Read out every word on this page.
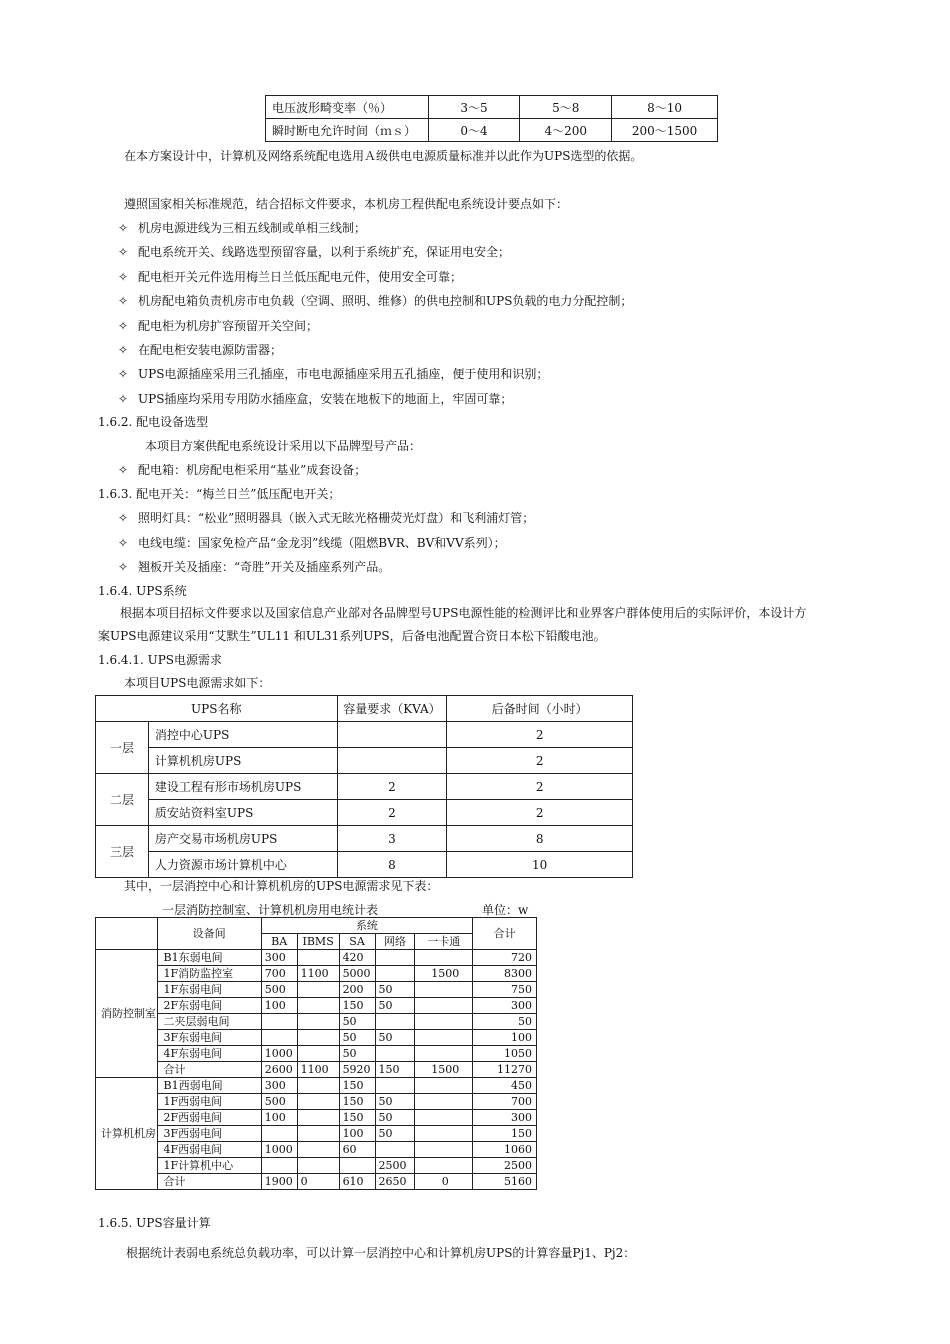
电压波形畸变率（％）	3～5	5～8	8～10
瞬时断电允许时间（ｍｓ）	0～4	4～200	200～1500
在本方案设计中，计算机及网络系统配电选用Ａ级供电电源质量标准并以此作为UPS选型的依据。
遵照国家相关标准规范，结合招标文件要求，本机房工程供配电系统设计要点如下：
✧ 机房电源进线为三相五线制或单相三线制；
✧ 配电系统开关、线路选型预留容量，以利于系统扩充，保证用电安全；
✧ 配电柜开关元件选用梅兰日兰低压配电元件，使用安全可靠；
✧ 机房配电箱负责机房市电负载（空调、照明、维修）的供电控制和UPS负载的电力分配控制；
✧ 配电柜为机房扩容预留开关空间；
✧ 在配电柜安装电源防雷器；
✧ UPS电源插座采用三孔插座，市电电源插座采用五孔插座，便于使用和识别；
✧ UPS插座均采用专用防水插座盒，安装在地板下的地面上，牢固可靠；
1.6.2. 配电设备选型
本项目方案供配电系统设计采用以下品牌型号产品：
✧ 配电箱：机房配电柜采用“基业”成套设备；
1.6.3. 配电开关：“梅兰日兰”低压配电开关；
✧ 照明灯具：“松业”照明器具（嵌入式无眩光格栅荧光灯盘）和飞利浦灯管；
✧ 电线电缆：国家免检产品“金龙羽”线缆（阻燃BVR、BV和VV系列）；
✧ 翘板开关及插座：“奇胜”开关及插座系列产品。
1.6.4. UPS系统
根据本项目招标文件要求以及国家信息产业部对各品牌型号UPS电源性能的检测评比和业界客户群体使用后的实际评价，本设计方
案UPS电源建议采用“艾默生”UL11 和UL31系列UPS，后备电池配置合资日本松下铅酸电池。
1.6.4.1. UPS电源需求
本项目UPS电源需求如下：
UPS名称		容量要求（KVA）	后备时间（小时）
一层	消控中心UPS		2
	计算机机房UPS		2
二层	建设工程有形市场机房UPS	2	2
	质安站资料室UPS	2	2
三层	房产交易市场机房UPS	3	8
	人力资源市场计算机中心	8	10
其中，一层消控中心和计算机机房的UPS电源需求见下表：
一层消防控制室、计算机机房用电统计表	单位：w
	设备间	系统					合计
		BA	IBMS	SA	网络	一卡通	
消防控制室	B1东弱电间	300		420			720
	1F消防监控室	700	1100	5000		1500	8300
	1F东弱电间	500		200	50		750
	2F东弱电间	100		150	50		300
	二夹层弱电间			50			50
	3F东弱电间			50	50		100
	4F东弱电间	1000		50			1050
	合计	2600	1100	5920	150	1500	11270
计算机机房	B1西弱电间	300		150			450
	1F西弱电间	500		150	50		700
	2F西弱电间	100		150	50		300
	3F西弱电间			100	50		150
	4F西弱电间	1000		60			1060
	1F计算机中心				2500		2500
	合计	1900	0	610	2650	0	5160
1.6.5. UPS容量计算
根据统计表弱电系统总负载功率，可以计算一层消控中心和计算机房UPS的计算容量Pj1、Pj2：
